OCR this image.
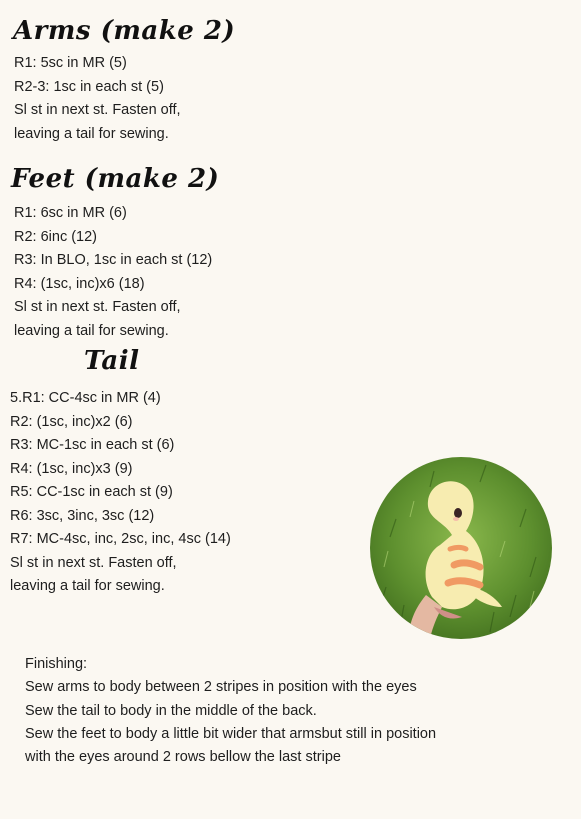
Arms (make 2)
R1: 5sc in MR (5)
R2-3: 1sc in each st (5)
Sl st in next st. Fasten off,
leaving a tail for sewing.
Feet (make 2)
R1: 6sc in MR (6)
R2: 6inc (12)
R3: In BLO, 1sc in each st (12)
R4: (1sc, inc)x6 (18)
Sl st in next st. Fasten off,
leaving a tail for sewing.
Tail
5.R1: CC-4sc in MR (4)
R2: (1sc, inc)x2 (6)
R3: MC-1sc in each st (6)
R4: (1sc, inc)x3 (9)
R5: CC-1sc in each st (9)
R6: 3sc, 3inc, 3sc (12)
R7: MC-4sc, inc, 2sc, inc, 4sc (14)
Sl st in next st. Fasten off,
leaving a tail for sewing.
Finishing:
Sew arms to body between 2 stripes in position with the eyes
Sew the tail to body in the middle of the back.
Sew the feet to body a little bit wider that armsbut still in position
with the eyes around 2 rows bellow the last stripe
